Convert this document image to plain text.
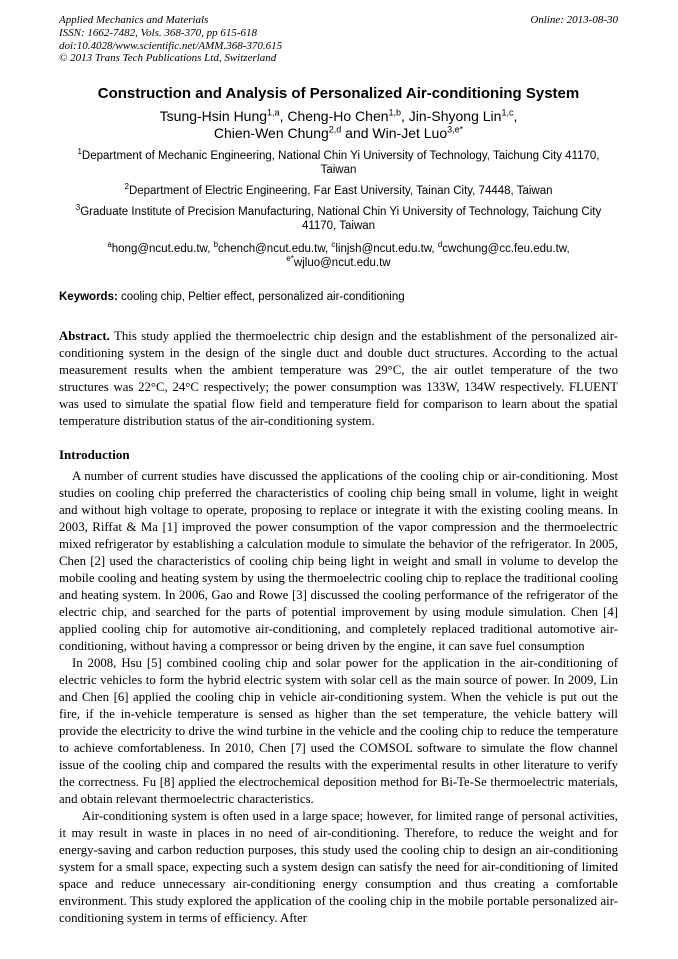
Applied Mechanics and Materials
ISSN: 1662-7482, Vols. 368-370, pp 615-618
doi:10.4028/www.scientific.net/AMM.368-370.615
© 2013 Trans Tech Publications Ltd, Switzerland
Online: 2013-08-30
Construction and Analysis of Personalized Air-conditioning System
Tsung-Hsin Hung$^{1,a}$, Cheng-Ho Chen$^{1,b}$, Jin-Shyong Lin$^{1,c}$,
Chien-Wen Chung$^{2,d}$ and Win-Jet Luo$^{3,e*}$
$^1$Department of Mechanic Engineering, National Chin Yi University of Technology, Taichung City 41170, Taiwan
$^2$Department of Electric Engineering, Far East University, Tainan City, 74448, Taiwan
$^3$Graduate Institute of Precision Manufacturing, National Chin Yi University of Technology, Taichung City 41170, Taiwan
$^a$hong@ncut.edu.tw, $^b$chench@ncut.edu.tw, $^c$linjsh@ncut.edu.tw, $^d$cwchung@cc.feu.edu.tw,
$^{e*}$wjluo@ncut.edu.tw
Keywords: cooling chip, Peltier effect, personalized air-conditioning
Abstract. This study applied the thermoelectric chip design and the establishment of the personalized air-conditioning system in the design of the single duct and double duct structures. According to the actual measurement results when the ambient temperature was 29°C, the air outlet temperature of the two structures was 22°C, 24°C respectively; the power consumption was 133W, 134W respectively. FLUENT was used to simulate the spatial flow field and temperature field for comparison to learn about the spatial temperature distribution status of the air-conditioning system.
Introduction

A number of current studies have discussed the applications of the cooling chip or air-conditioning. Most studies on cooling chip preferred the characteristics of cooling chip being small in volume, light in weight and without high voltage to operate, proposing to replace or integrate it with the existing cooling means. In 2003, Riffat & Ma [1] improved the power consumption of the vapor compression and the thermoelectric mixed refrigerator by establishing a calculation module to simulate the behavior of the refrigerator. In 2005, Chen [2] used the characteristics of cooling chip being light in weight and small in volume to develop the mobile cooling and heating system by using the thermoelectric cooling chip to replace the traditional cooling and heating system. In 2006, Gao and Rowe [3] discussed the cooling performance of the refrigerator of the electric chip, and searched for the parts of potential improvement by using module simulation. Chen [4] applied cooling chip for automotive air-conditioning, and completely replaced traditional automotive air-conditioning, without having a compressor or being driven by the engine, it can save fuel consumption

In 2008, Hsu [5] combined cooling chip and solar power for the application in the air-conditioning of electric vehicles to form the hybrid electric system with solar cell as the main source of power. In 2009, Lin and Chen [6] applied the cooling chip in vehicle air-conditioning system. When the vehicle is put out the fire, if the in-vehicle temperature is sensed as higher than the set temperature, the vehicle battery will provide the electricity to drive the wind turbine in the vehicle and the cooling chip to reduce the temperature to achieve comfortableness. In 2010, Chen [7] used the COMSOL software to simulate the flow channel issue of the cooling chip and compared the results with the experimental results in other literature to verify the correctness. Fu [8] applied the electrochemical deposition method for Bi-Te-Se thermoelectric materials, and obtain relevant thermoelectric characteristics.

Air-conditioning system is often used in a large space; however, for limited range of personal activities, it may result in waste in places in no need of air-conditioning. Therefore, to reduce the weight and for energy-saving and carbon reduction purposes, this study used the cooling chip to design an air-conditioning system for a small space, expecting such a system design can satisfy the need for air-conditioning of limited space and reduce unnecessary air-conditioning energy consumption and thus creating a comfortable environment. This study explored the application of the cooling chip in the mobile portable personalized air-conditioning system in terms of efficiency. After
